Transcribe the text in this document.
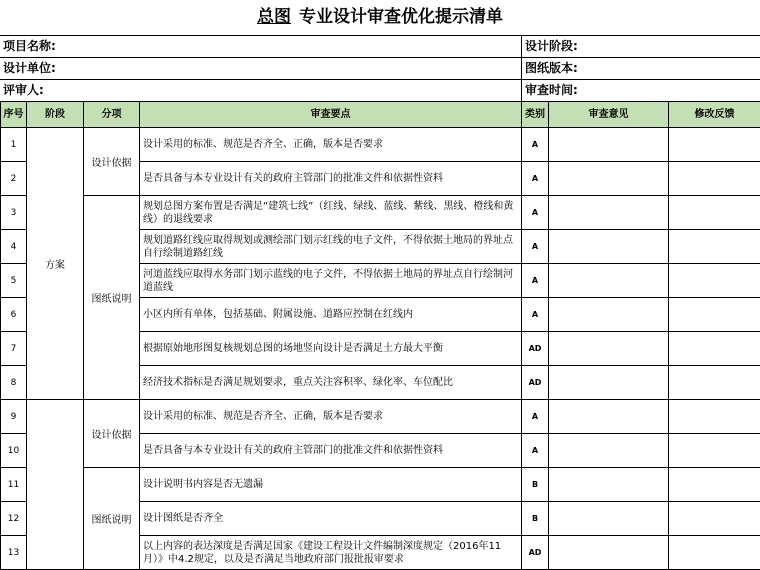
总图 专业设计审查优化提示清单
项目名称:	设计阶段:
设计单位:	图纸版本:
评审人:	审查时间:
序号	阶段	分项	审查要点	类别	审查意见	修改反馈
1	方案	设计依据	设计采用的标准、规范是否齐全、正确，版本是否要求	A		
2			是否具备与本专业设计有关的政府主管部门的批准文件和依据性资料	A		
3		图纸说明	规划总图方案布置是否满足“建筑七线”（红线、绿线、蓝线、紫线、黑线、橙线和黄线）的退线要求	A		
4			规划道路红线应取得规划或测绘部门划示红线的电子文件，不得依据土地局的界址点自行绘制道路红线	A		
5			河道蓝线应取得水务部门划示蓝线的电子文件，不得依据土地局的界址点自行绘制河道蓝线	A		
6			小区内所有单体，包括基础、附属设施、道路应控制在红线内	A		
7			根据原始地形图复核规划总图的场地竖向设计是否满足土方最大平衡	AD		
8			经济技术指标是否满足规划要求，重点关注容积率、绿化率、车位配比	AD		
9		设计依据	设计采用的标准、规范是否齐全、正确，版本是否要求	A		
10			是否具备与本专业设计有关的政府主管部门的批准文件和依据性资料	A		
11		图纸说明	设计说明书内容是否无遗漏	B		
12			设计图纸是否齐全	B		
13			以上内容的表达深度是否满足国家《建设工程设计文件编制深度规定（2016年11月）》中4.2规定，以及是否满足当地政府部门报批报审要求	AD		
